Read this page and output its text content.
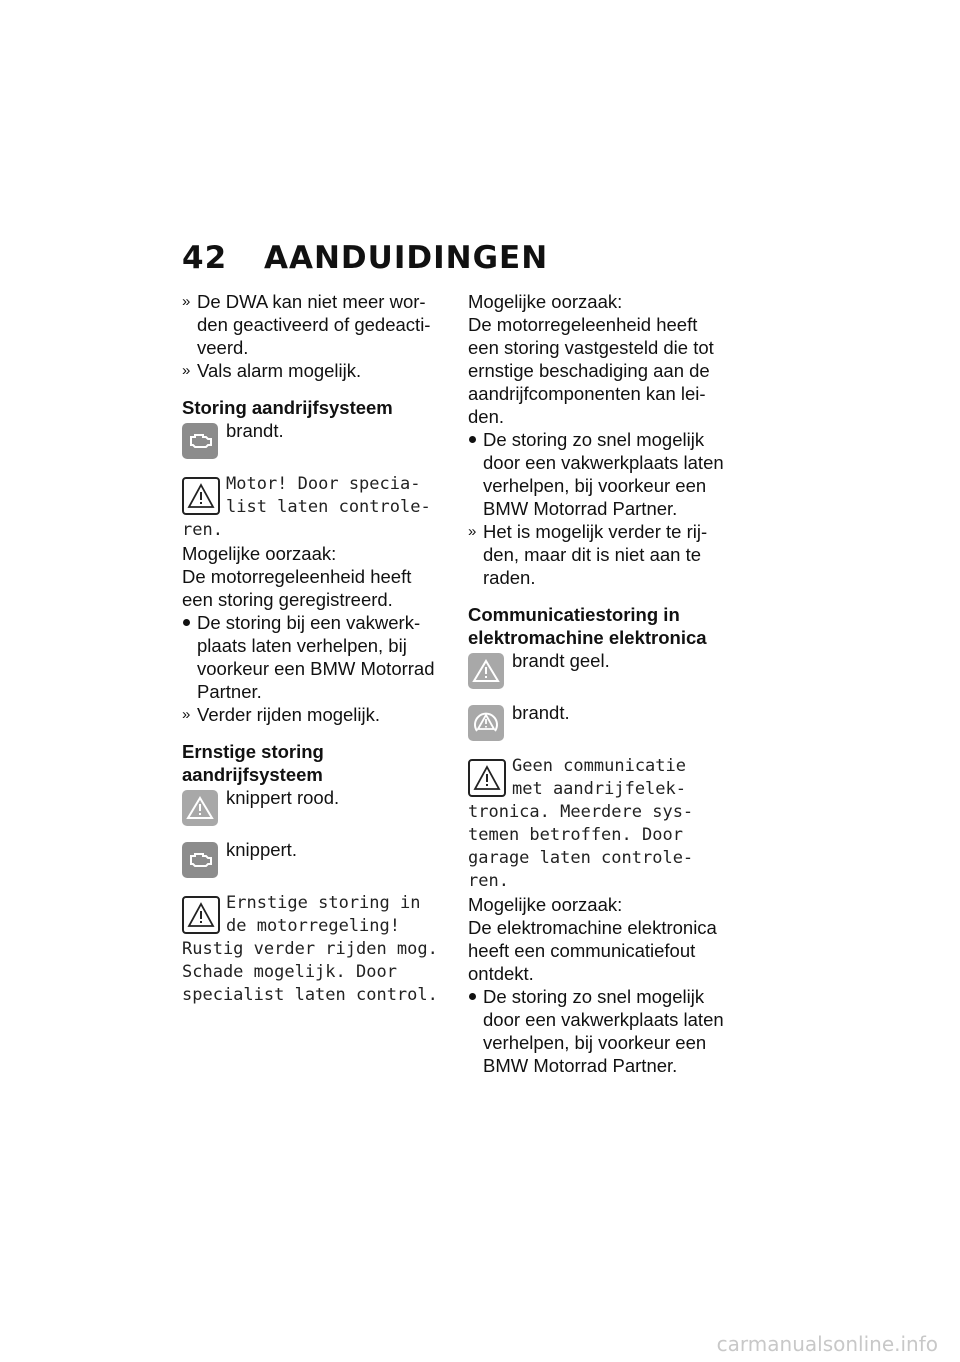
42 AANDUIDINGEN

» De DWA kan niet meer wor-den geactiveerd of gedeacti-veerd.

» Vals alarm mogelijk.

Storing aandrijfsysteem

brandt.

Motor! Door specia-

list laten controle-

ren.

Mogelijke oorzaak:

De motorregeleenheid heeft een storing geregistreerd.

De storing bij een vakwerk-plaats laten verhelpen, bij voorkeur een BMW Motorrad Partner.

» Verder rijden mogelijk.

Ernstige storing aandrijfsysteem

knippert rood.

knippert.

Ernstige storing in

de motorregeling!

Rustig verder rijden mog. Schade mogelijk. Door specialist laten control.

Mogelijke oorzaak:

De motorregeleenheid heeft een storing vastgesteld die tot ernstige beschadiging aan de aandrijfcomponenten kan lei-den.

De storing zo snel mogelijk door een vakwerkplaats laten verhelpen, bij voorkeur een BMW Motorrad Partner.

» Het is mogelijk verder te rij-den, maar dit is niet aan te raden.

Communicatiestoring in elektromachine elektronica

brandt geel.

brandt.

Geen communicatie

met aandrijfelek-

tronica. Meerdere sys-temen betroffen. Door garage laten controle-ren.

Mogelijke oorzaak:

De elektromachine elektronica heeft een communicatiefout ontdekt.

De storing zo snel mogelijk door een vakwerkplaats laten verhelpen, bij voorkeur een BMW Motorrad Partner.

carmanualsonline.info
